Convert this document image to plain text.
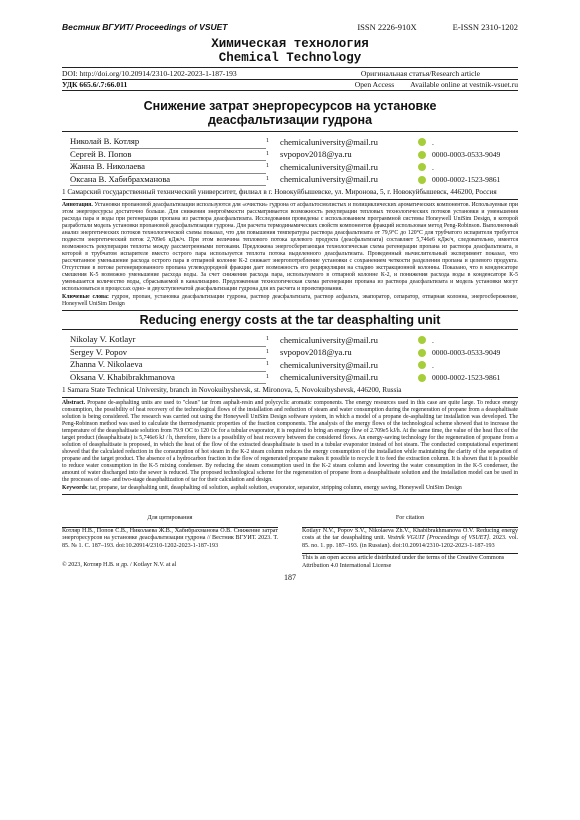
Вестник ВГУИТ/ Proceedings of VSUET	ISSN 2226-910X	E-ISSN 2310-1202
Химическая технология
Chemical Technology
DOI: http://doi.org/10.20914/2310-1202-2023-1-187-193	Оригинальная статья/Research article
УДК 665.6/.7:66.011	Open Access Available online at vestnik-vsuet.ru
Снижение затрат энергоресурсов на установке
деасфальтизации гудрона
Николай В. Котляр	1	chemicaluniversity@mail.ru	.
Сергей В. Попов	1	svpopov2018@ya.ru	0000-0003-0533-9049
Жанна В. Николаева	1	chemicaluniversity@mail.ru	.
Оксана В. Хабибрахманова	1	chemicaluniversity@mail.ru	0000-0002-1523-9861
1 Самарский государственный технический университет, филиал в г. Новокуйбышевске, ул. Миронова, 5, г. Новокуйбышевск, 446200, Россия
Аннотация. Установки пропановой деасфальтизации используются для «очистки» гудрона от асфальтосмолистых и полициклических ароматических компонентов. Используемые при этом энергоресурсы достаточно больше. Для снижения энергоёмкости рассматривается возможность рекуперации тепловых технологических потоков установки и уменьшения расхода пара и воды при регенерации пропана из раствора деасфальтизата. Исследования проведены с использованием программной системы Honeywell UniSim Design, в которой разработали модель установки пропановой деасфальтизации гудрона. Для расчета термодинамических свойств компонентов фракций использован метод Peng-Robinson. Выполненный анализ энергетических потоков технологической схемы показал, что для повышения температуры раствора деасфальтизата от 79,9°С до 120°С для трубчатого испарителя требуется подвести энергетический поток 2,709е6 кДж/ч. При этом величина теплового потока целевого продукта (деасфальтизата) составляет 5,746е6 кДж/ч, следовательно, имеется возможность рекуперации теплоты между рассмотренными потоками. Предложена энергосберегающая технологическая схема регенерации пропана из раствора деасфальтизата, в которой в трубчатом испарителе вместо острого пара используется теплота потока выделенного деасфальтизата. Проведенный вычислительный эксперимент показал, что рассчитанное уменьшение расхода острого пара в отпарной колонне К-2 снижает энергопотребление установки с сохранением четкости разделения пропана и целевого продукта. Отсутствие в потоке регенерированного пропана углеводородной фракции дает возможность его рециркуляции на стадию экстракционной колонны. Показано, что в конденсаторе смешения К-5 возможно уменьшение расхода воды. За счет снижения расхода пара, используемого в отпарной колонне К-2, и понижения расхода воды в конденсаторе К-5 уменьшается количество воды, сбрасываемой в канализацию. Предложенная технологическая схема регенерации пропана из раствора деасфальтизата и модель установки могут использоваться в процессах одно- и двухступенчатой деасфальтизации гудрона для их расчета и проектирования.
Ключевые слова: гудрон, пропан, установка деасфальтизации гудрона, раствор деасфальтизата, раствор асфальта, эвапоратор, сепаратор, отпарная колонна, энергосбережение, Honeywell UniSim Design
Reducing energy costs at the tar deasphalting unit
Nikolay V. Kotlayr	1	chemicaluniversity@mail.ru	.
Sergey V. Popov	1	svpopov2018@ya.ru	0000-0003-0533-9049
Zhanna V. Nikolaeva	1	chemicaluniversity@mail.ru	.
Oksana V. Khabibrakhmanova	1	chemicaluniversity@mail.ru	0000-0002-1523-9861
1 Samara State Technical University, branch in Novokuibyshevsk, st. Mironova, 5, Novokuibyshevsk, 446200, Russia
Abstract. Propane de-asphalting units are used to "clean" tar from asphalt-resin and polycyclic aromatic components. The energy resources used in this case are quite large. To reduce energy consumption, the possibility of heat recovery of the technological flows of the installation and reduction of steam and water consumption during the regeneration of propane from a deasphaltisate solution is being considered. The research was carried out using the Honeywell UniSim Design software system, in which a model of a propane de-asphalting tar installation was developed. The Peng-Robinson method was used to calculate the thermodynamic properties of the fraction components. The analysis of the energy flows of the technological scheme showed that to increase the temperature of the deasphaltisate solution from 79.9 OC to 120 Oc for a tubular evaporator, it is required to bring an energy flow of 2.709e5 kJ/h. At the same time, the value of the heat flux of the target product (deasphaltisate) is 5,746e6 kJ / h, therefore, there is a possibility of heat recovery between the considered flows. An energy-saving technology for the regeneration of propane from a solution of deasphaltisate is proposed, in which the heat of the flow of the extracted deasphaltisate is used in a tubular evaporator instead of hot steam. The conducted computational experiment showed that the calculated reduction in the consumption of hot steam in the K-2 steam column reduces the energy consumption of the installation while maintaining the clarity of the separation of propane and the target product. The absence of a hydrocarbon fraction in the flow of regenerated propane makes it possible to recycle it to feed the extraction column. It is shown that it is possible to reduce water consumption in the K-5 mixing condenser. By reducing the steam consumption used in the K-2 steam column and lowering the water consumption in the K-5 condenser, the amount of water discharged into the sewer is reduced. The proposed technological scheme for the regeneration of propane from a deasphaltisate solution and the installation model can be used in the processes of one- and two-stage deasphaltization of tar for their calculation and design.
Keywords: tar, propane, tar deasphalting unit, deasphalting oil solution, asphalt solution, evaporator, separator, stripping column, energy saving, Honeywell UniSim Design
Для цитирования
Котляр Н.В., Попов С.В., Николаева Ж.В., Хабибрахманова О.В. Снижение затрат энергоресурсов на установке деасфальтизации гудрона // Вестник ВГУИТ. 2023. Т. 85. № 1. С. 187–193. doi:10.20914/2310-1202-2023-1-187-193
For citation
Kotlayr N.V., Popov S.V., Nikolaeva Zh.V., Khabibrakhmanova O.V. Reducing energy costs at the tar deasphalting unit. Vestnik VGUIT [Proceedings of VSUET]. 2023. vol. 85. no. 1. pp. 187–193. (in Russian). doi:10.20914/2310-1202-2023-1-187-193
© 2023, Котляр Н.В. и др. / Kotlayr N.V. at al
This is an open access article distributed under the terms of the Creative Commons Attribution 4.0 International License
187
